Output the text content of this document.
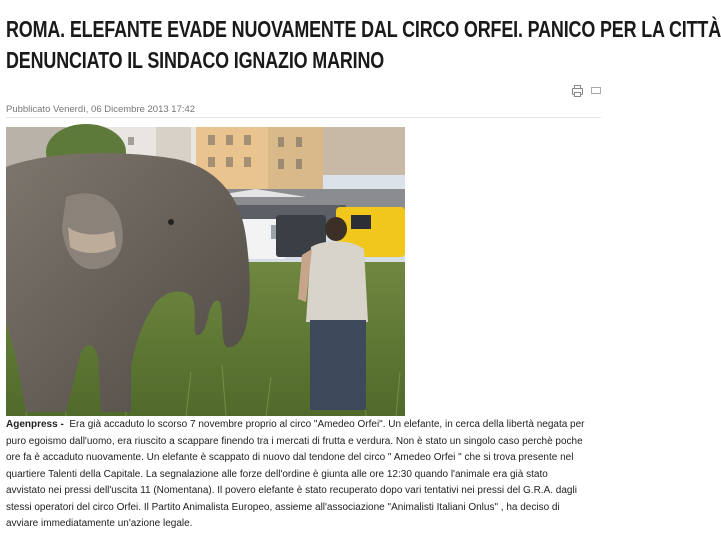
ROMA. ELEFANTE EVADE NUOVAMENTE DAL CIRCO ORFEI. PANICO PER LA CITTÀ
DENUNCIATO IL SINDACO IGNAZIO MARINO
Pubblicato Venerdì, 06 Dicembre 2013 17:42

Agenpress - Era già accaduto lo scorso 7 novembre proprio al circo "Amedeo Orfei". Un elefante, in cerca della libertà negata per

puro egoismo dall'uomo, era riuscito a scappare finendo tra i mercati di frutta e verdura. Non è stato un singolo caso perchè poche

ore fa è accaduto nuovamente. Un elefante è scappato di nuovo dal tendone del circo " Amedeo Orfei " che si trova presente nel

quartiere Talenti della Capitale. La segnalazione alle forze dell'ordine è giunta alle ore 12:30 quando l'animale era già stato

avvistato nei pressi dell'uscita 11 (Nomentana). Il povero elefante è stato recuperato dopo vari tentativi nei pressi del G.R.A. dagli

stessi operatori del circo Orfei. Il Partito Animalista Europeo, assieme all'associazione "Animalisti Italiani Onlus" , ha deciso di

avviare immediatamente un'azione legale.
